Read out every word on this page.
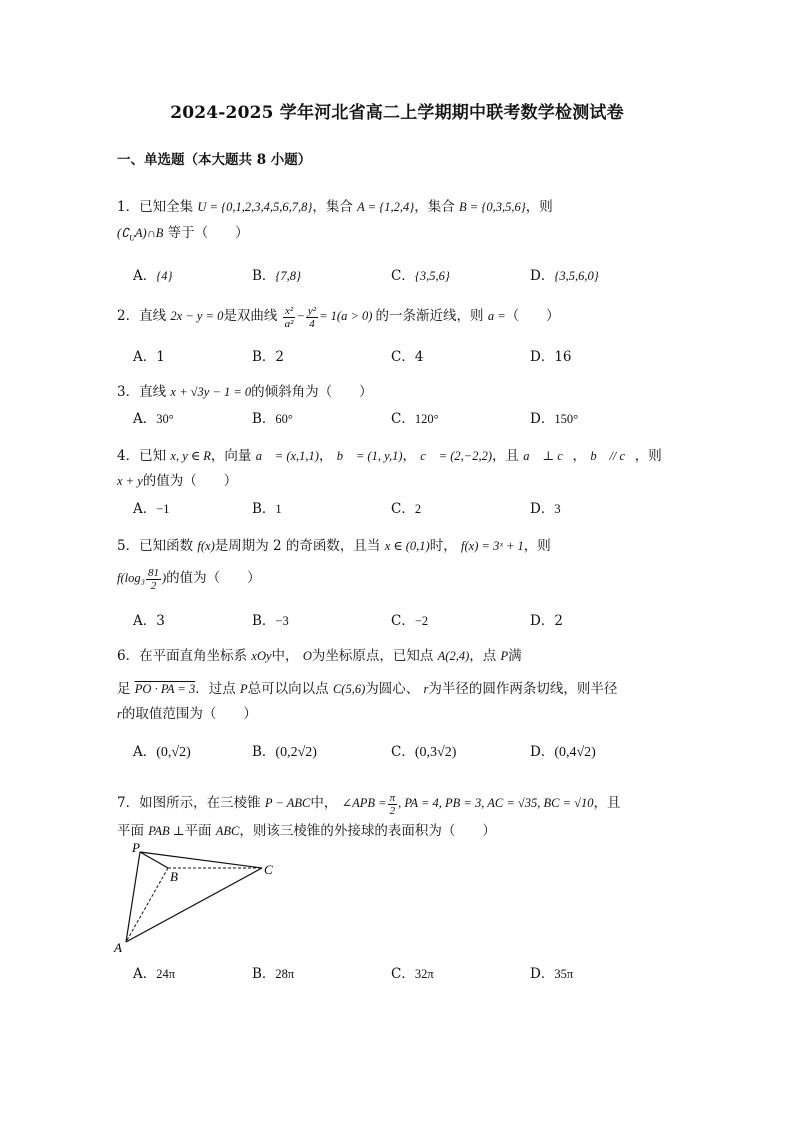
2024-2025 学年河北省高二上学期期中联考数学检测试卷
一、单选题（本大题共 8 小题）
1．已知全集 U = {0,1,2,3,4,5,6,7,8}，集合 A = {1,2,4}，集合 B = {0,3,5,6}，则
$(∁_UA)\cap B$ 等于（　　）
A．{4}	B．{7,8}	C．{3,5,6}	D．{3,5,6,0}
2．直线 2x − y = 0是双曲线 $\frac{\text{x²}}{\text{a²}} - \frac{\text{y²}}{4} = 1(a > 0)$ 的一条渐近线，则 a =（　　）
A．1	B．2	C．4	D．16
3．直线 x + √3y − 1 = 0的倾斜角为（　　）
A．30°	B．60°	C．120°	D．150°
4．已知 x, y ∈ R，向量 a⃗ = (x,1,1)， b⃗ = (1, y,1)， c⃗ = (2,−2,2)，且 a⃗ ⊥ c⃗， b⃗ // c⃗，则
x + y的值为（　　）
A．−1	B．1	C．2	D．3
5．已知函数 f(x)是周期为 2 的奇函数，且当 x ∈ (0,1)时， f(x) = 3ˣ + 1，则
$f(\log_3 \frac{81}{2}$ )的值为（　　）
A．3	B．−3	C．−2	D．2
6．在平面直角坐标系 xOy中， O为坐标原点，已知点 A(2,4)，点 P满
足 PO · PA = 3．过点 P总可以向以点 C(5,6)为圆心、 r为半径的圆作两条切线，则半径
r的取值范围为（　　）
A．(0,√2)	B．(0,2√2)	C．(0,3√2)	D．(0,4√2)
7．如图所示，在三棱锥 P − ABC中， ∠APB = $\frac{\pi}{2}$ , PA = 4, PB = 3, AC = √35, BC = √10，且
平面 PAB ⊥平面 ABC，则该三棱锥的外接球的表面积为（　　）
P
B	C
A
A．24π	B．28π	C．32π	D．35π
